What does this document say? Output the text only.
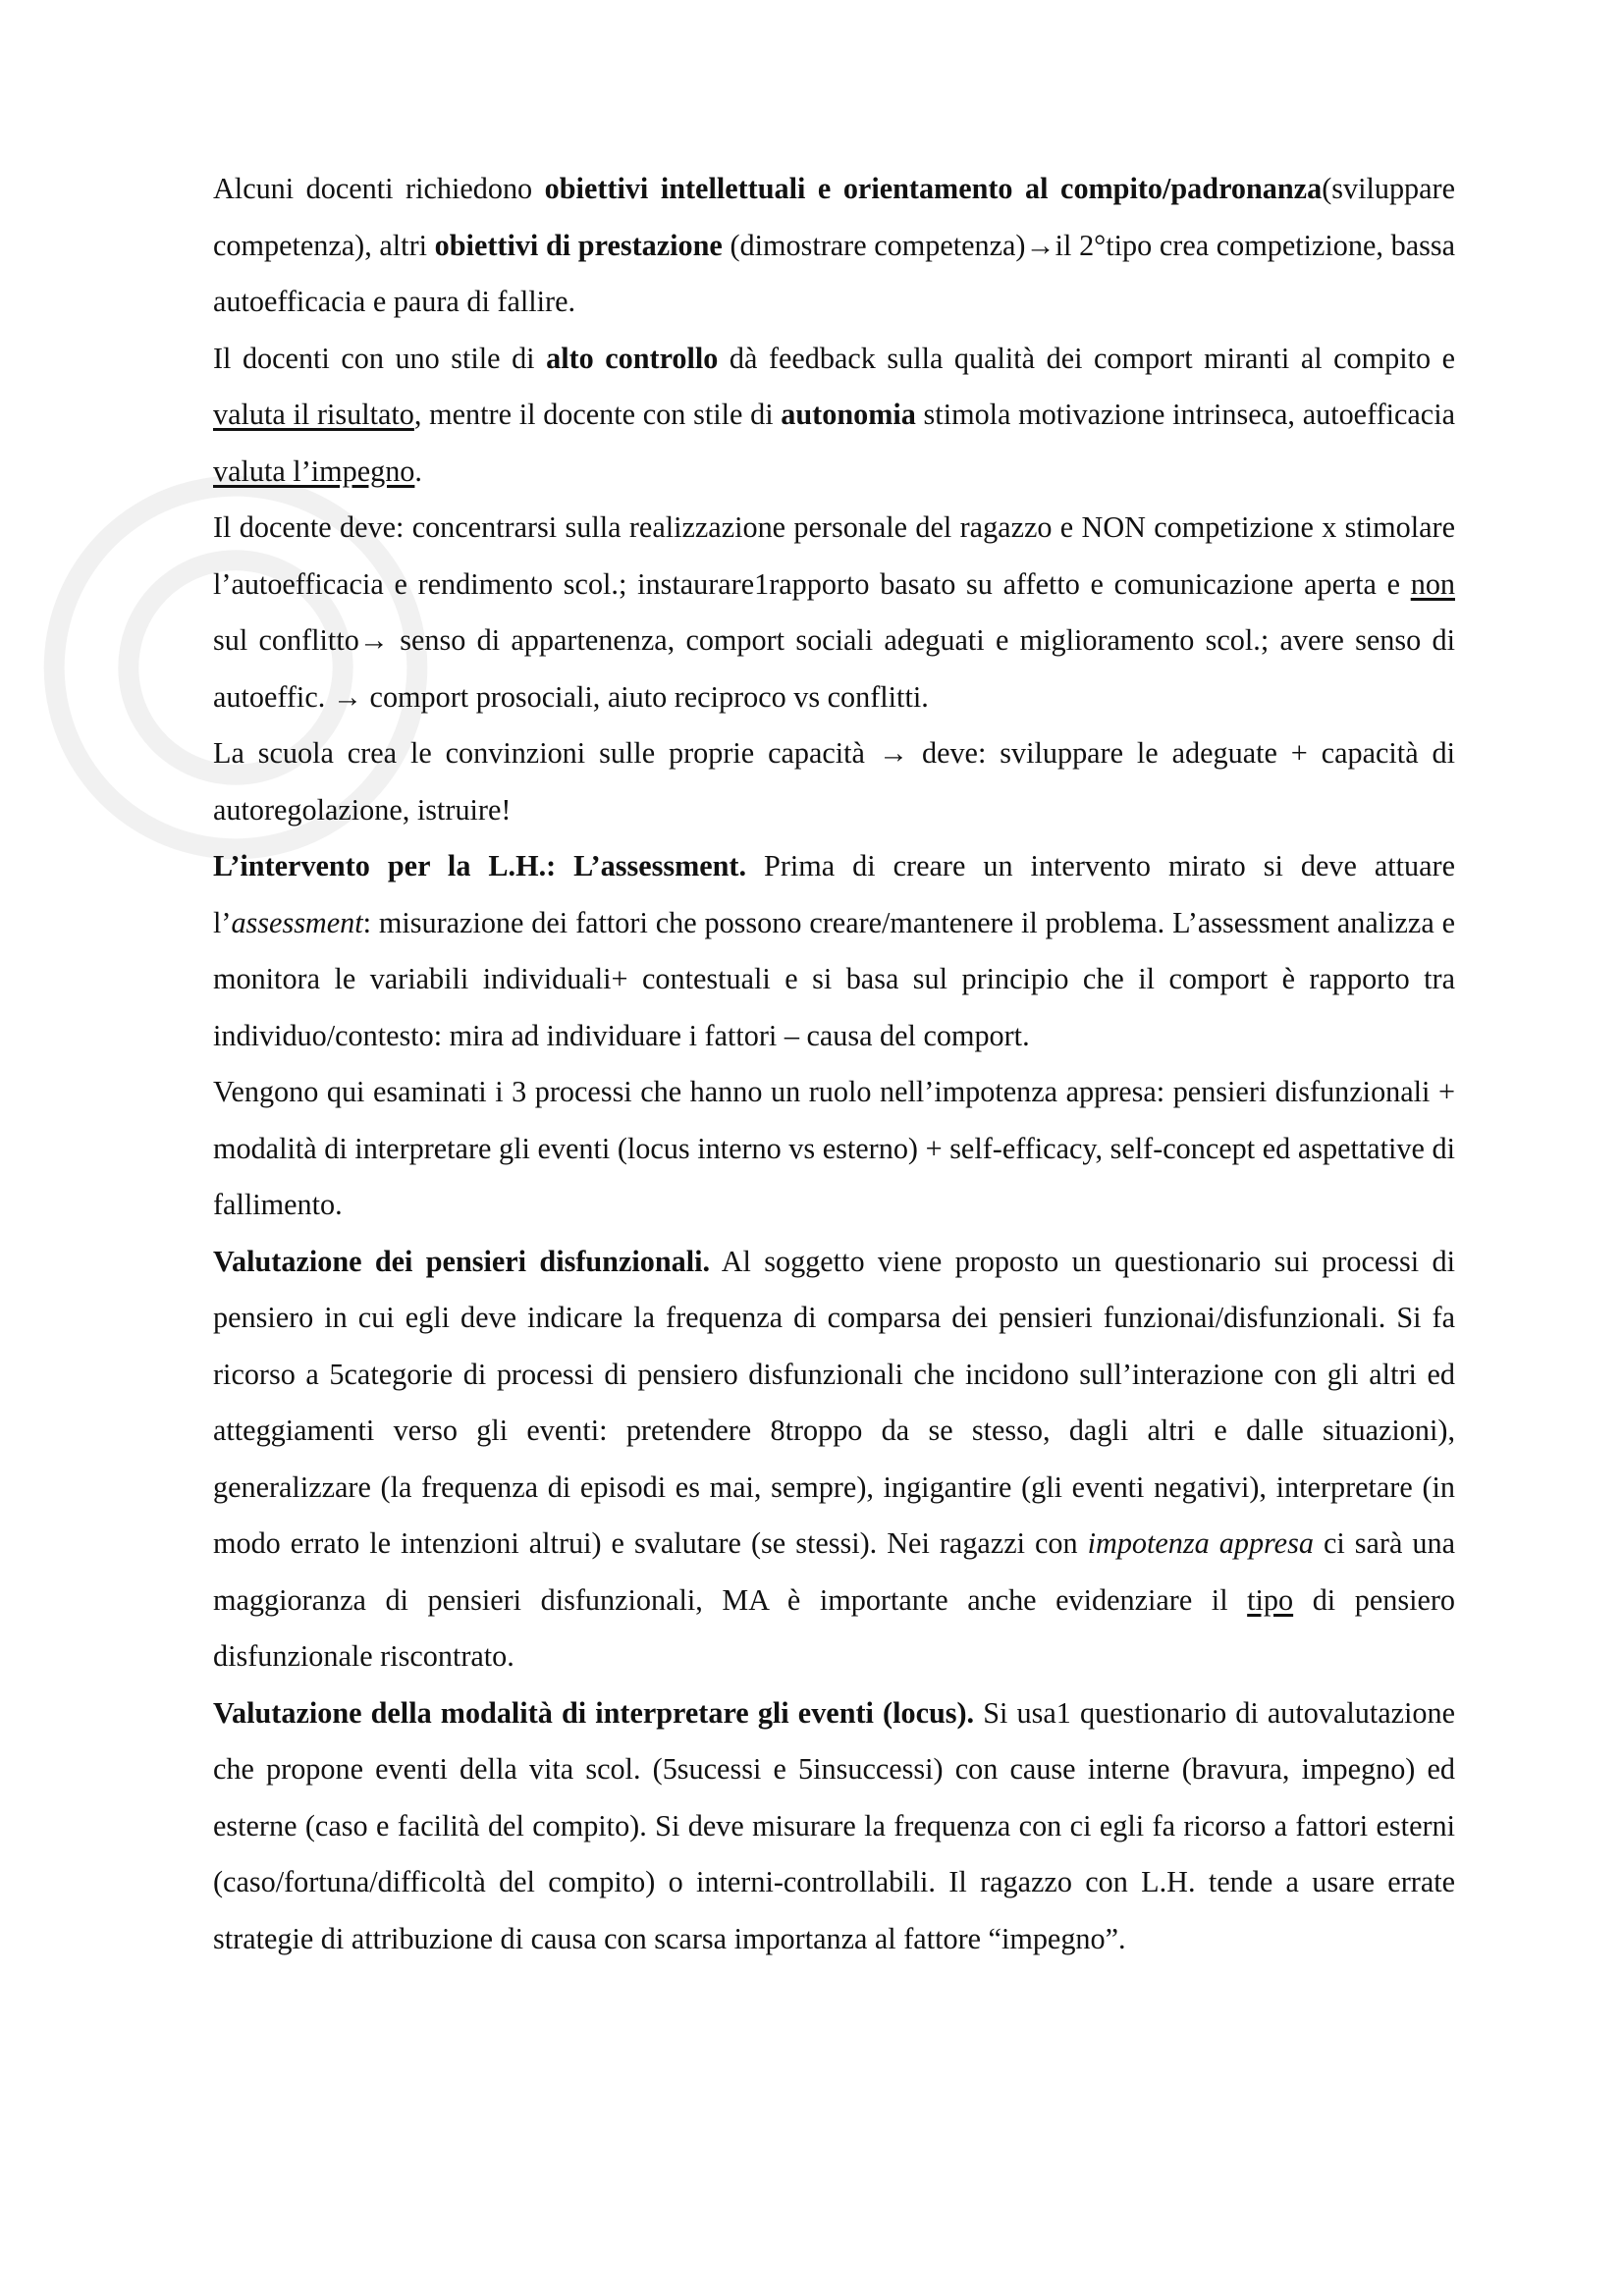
Alcuni docenti richiedono obiettivi intellettuali e orientamento al compito/padronanza(sviluppare competenza), altri obiettivi di prestazione (dimostrare competenza)→il 2°tipo crea competizione, bassa autoefficacia e paura di fallire.

Il docenti con uno stile di alto controllo dà feedback sulla qualità dei comport miranti al compito e valuta il risultato, mentre il docente con stile di autonomia stimola motivazione intrinseca, autoefficacia valuta l’impegno.

Il docente deve: concentrarsi sulla realizzazione personale del ragazzo e NON competizione x stimolare l’autoefficacia e rendimento scol.; instaurare1rapporto basato su affetto e comunicazione aperta e non sul conflitto→ senso di appartenenza, comport sociali adeguati e miglioramento scol.; avere senso di autoeffic. → comport prosociali, aiuto reciproco vs conflitti.

La scuola crea le convinzioni sulle proprie capacità → deve: sviluppare le adeguate + capacità di autoregolazione, istruire!

L’intervento per la L.H.: L’assessment. Prima di creare un intervento mirato si deve attuare l’assessment: misurazione dei fattori che possono creare/mantenere il problema. L’assessment analizza e monitora le variabili individuali+ contestuali e si basa sul principio che il comport è rapporto tra individuo/contesto: mira ad individuare i fattori – causa del comport.

Vengono qui esaminati i 3 processi che hanno un ruolo nell’impotenza appresa: pensieri disfunzionali + modalità di interpretare gli eventi (locus interno vs esterno) + self-efficacy, self-concept ed aspettative di fallimento.

Valutazione dei pensieri disfunzionali. Al soggetto viene proposto un questionario sui processi di pensiero in cui egli deve indicare la frequenza di comparsa dei pensieri funzionai/disfunzionali. Si fa ricorso a 5categorie di processi di pensiero disfunzionali che incidono sull’interazione con gli altri ed atteggiamenti verso gli eventi: pretendere 8troppo da se stesso, dagli altri e dalle situazioni), generalizzare (la frequenza di episodi es mai, sempre), ingigantire (gli eventi negativi), interpretare (in modo errato le intenzioni altrui) e svalutare (se stessi). Nei ragazzi con impotenza appresa ci sarà una maggioranza di pensieri disfunzionali, MA è importante anche evidenziare il tipo di pensiero disfunzionale riscontrato.

Valutazione della modalità di interpretare gli eventi (locus). Si usa1 questionario di autovalutazione che propone eventi della vita scol. (5sucessi e 5insuccessi) con cause interne (bravura, impegno) ed esterne (caso e facilità del compito). Si deve misurare la frequenza con ci egli fa ricorso a fattori esterni (caso/fortuna/difficoltà del compito) o interni-controllabili. Il ragazzo con L.H. tende a usare errate strategie di attribuzione di causa con scarsa importanza al fattore “impegno”.
